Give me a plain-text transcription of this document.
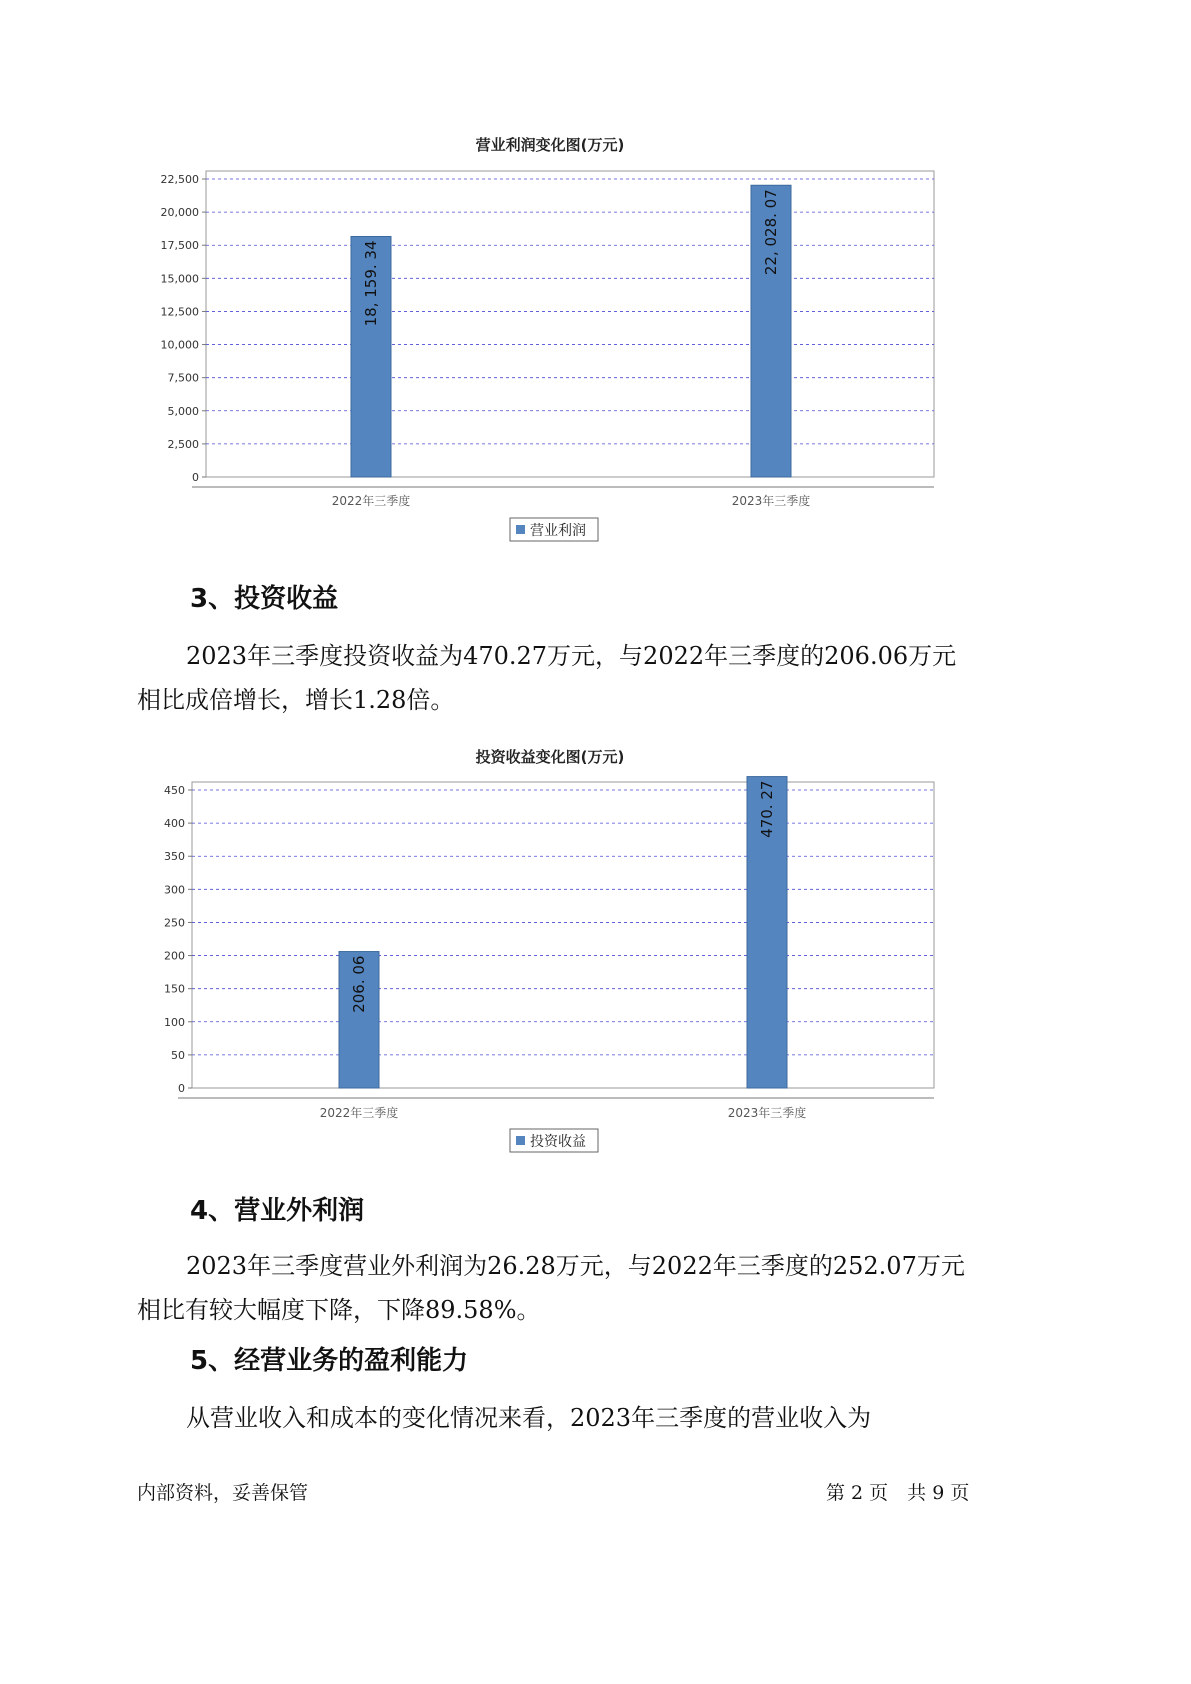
营业利润变化图(万元)
0
2,500
5,000
7,500
10,000
12,500
15,000
17,500
20,000
22,500
18, 159. 34
2022年三季度
22, 028. 07
2023年三季度
营业利润
3、投资收益

2023年三季度投资收益为470.27万元，与2022年三季度的206.06万元

相比成倍增长，增长1.28倍。

投资收益变化图(万元)
0
50
100
150
200
250
300
350
400
450
206. 06
2022年三季度
470. 27
2023年三季度
投资收益
4、营业外利润

2023年三季度营业外利润为26.28万元，与2022年三季度的252.07万元

相比有较大幅度下降，下降89.58%。

5、经营业务的盈利能力

从营业收入和成本的变化情况来看，2023年三季度的营业收入为

内部资料，妥善保管	第 2 页　共 9 页
